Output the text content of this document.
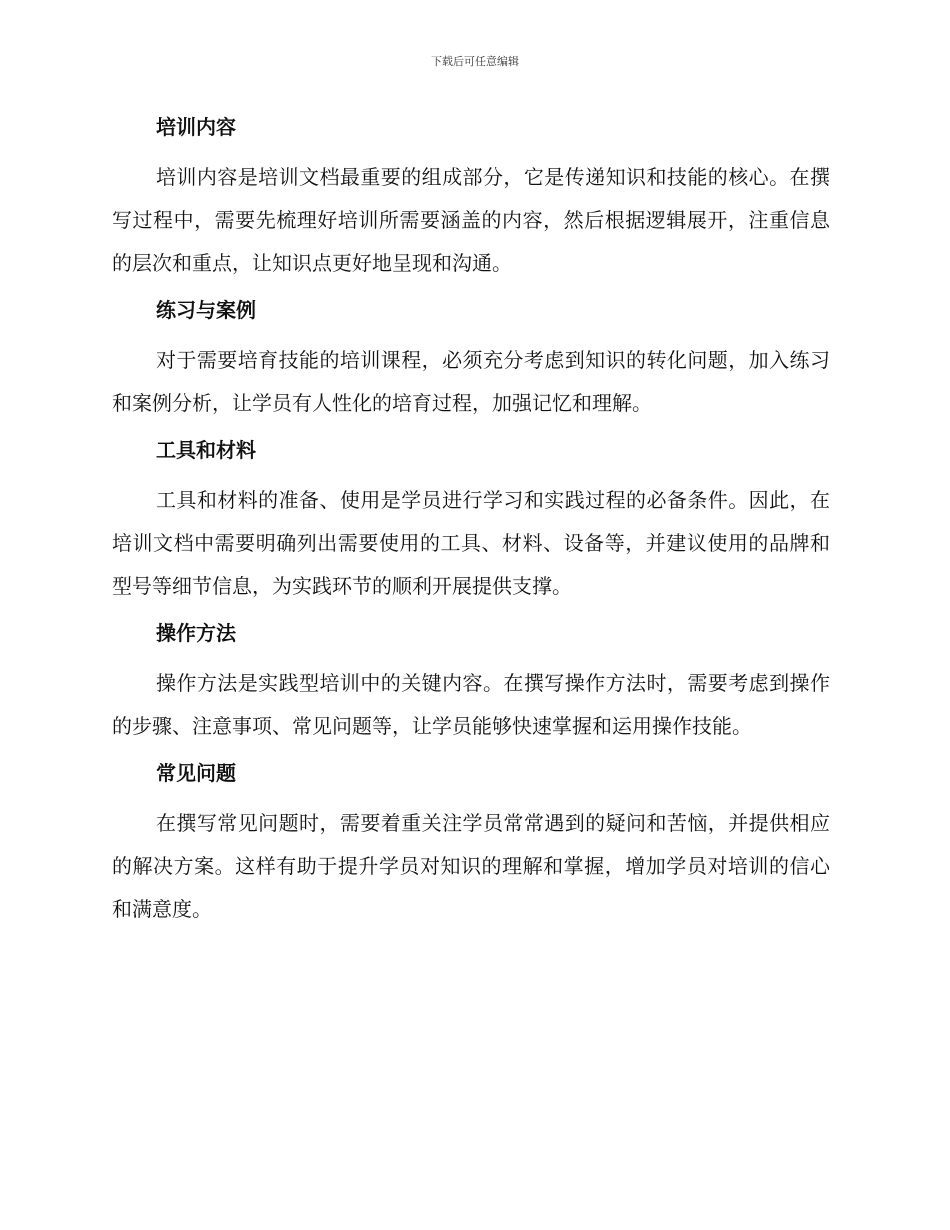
下载后可任意编辑
培训内容

培训内容是培训文档最重要的组成部分，它是传递知识和技能的核心。在撰写过程中，需要先梳理好培训所需要涵盖的内容，然后根据逻辑展开，注重信息的层次和重点，让知识点更好地呈现和沟通。

练习与案例

对于需要培育技能的培训课程，必须充分考虑到知识的转化问题，加入练习和案例分析，让学员有人性化的培育过程，加强记忆和理解。

工具和材料

工具和材料的准备、使用是学员进行学习和实践过程的必备条件。因此，在培训文档中需要明确列出需要使用的工具、材料、设备等，并建议使用的品牌和型号等细节信息，为实践环节的顺利开展提供支撑。

操作方法

操作方法是实践型培训中的关键内容。在撰写操作方法时，需要考虑到操作的步骤、注意事项、常见问题等，让学员能够快速掌握和运用操作技能。

常见问题

在撰写常见问题时，需要着重关注学员常常遇到的疑问和苦恼，并提供相应的解决方案。这样有助于提升学员对知识的理解和掌握，增加学员对培训的信心和满意度。
